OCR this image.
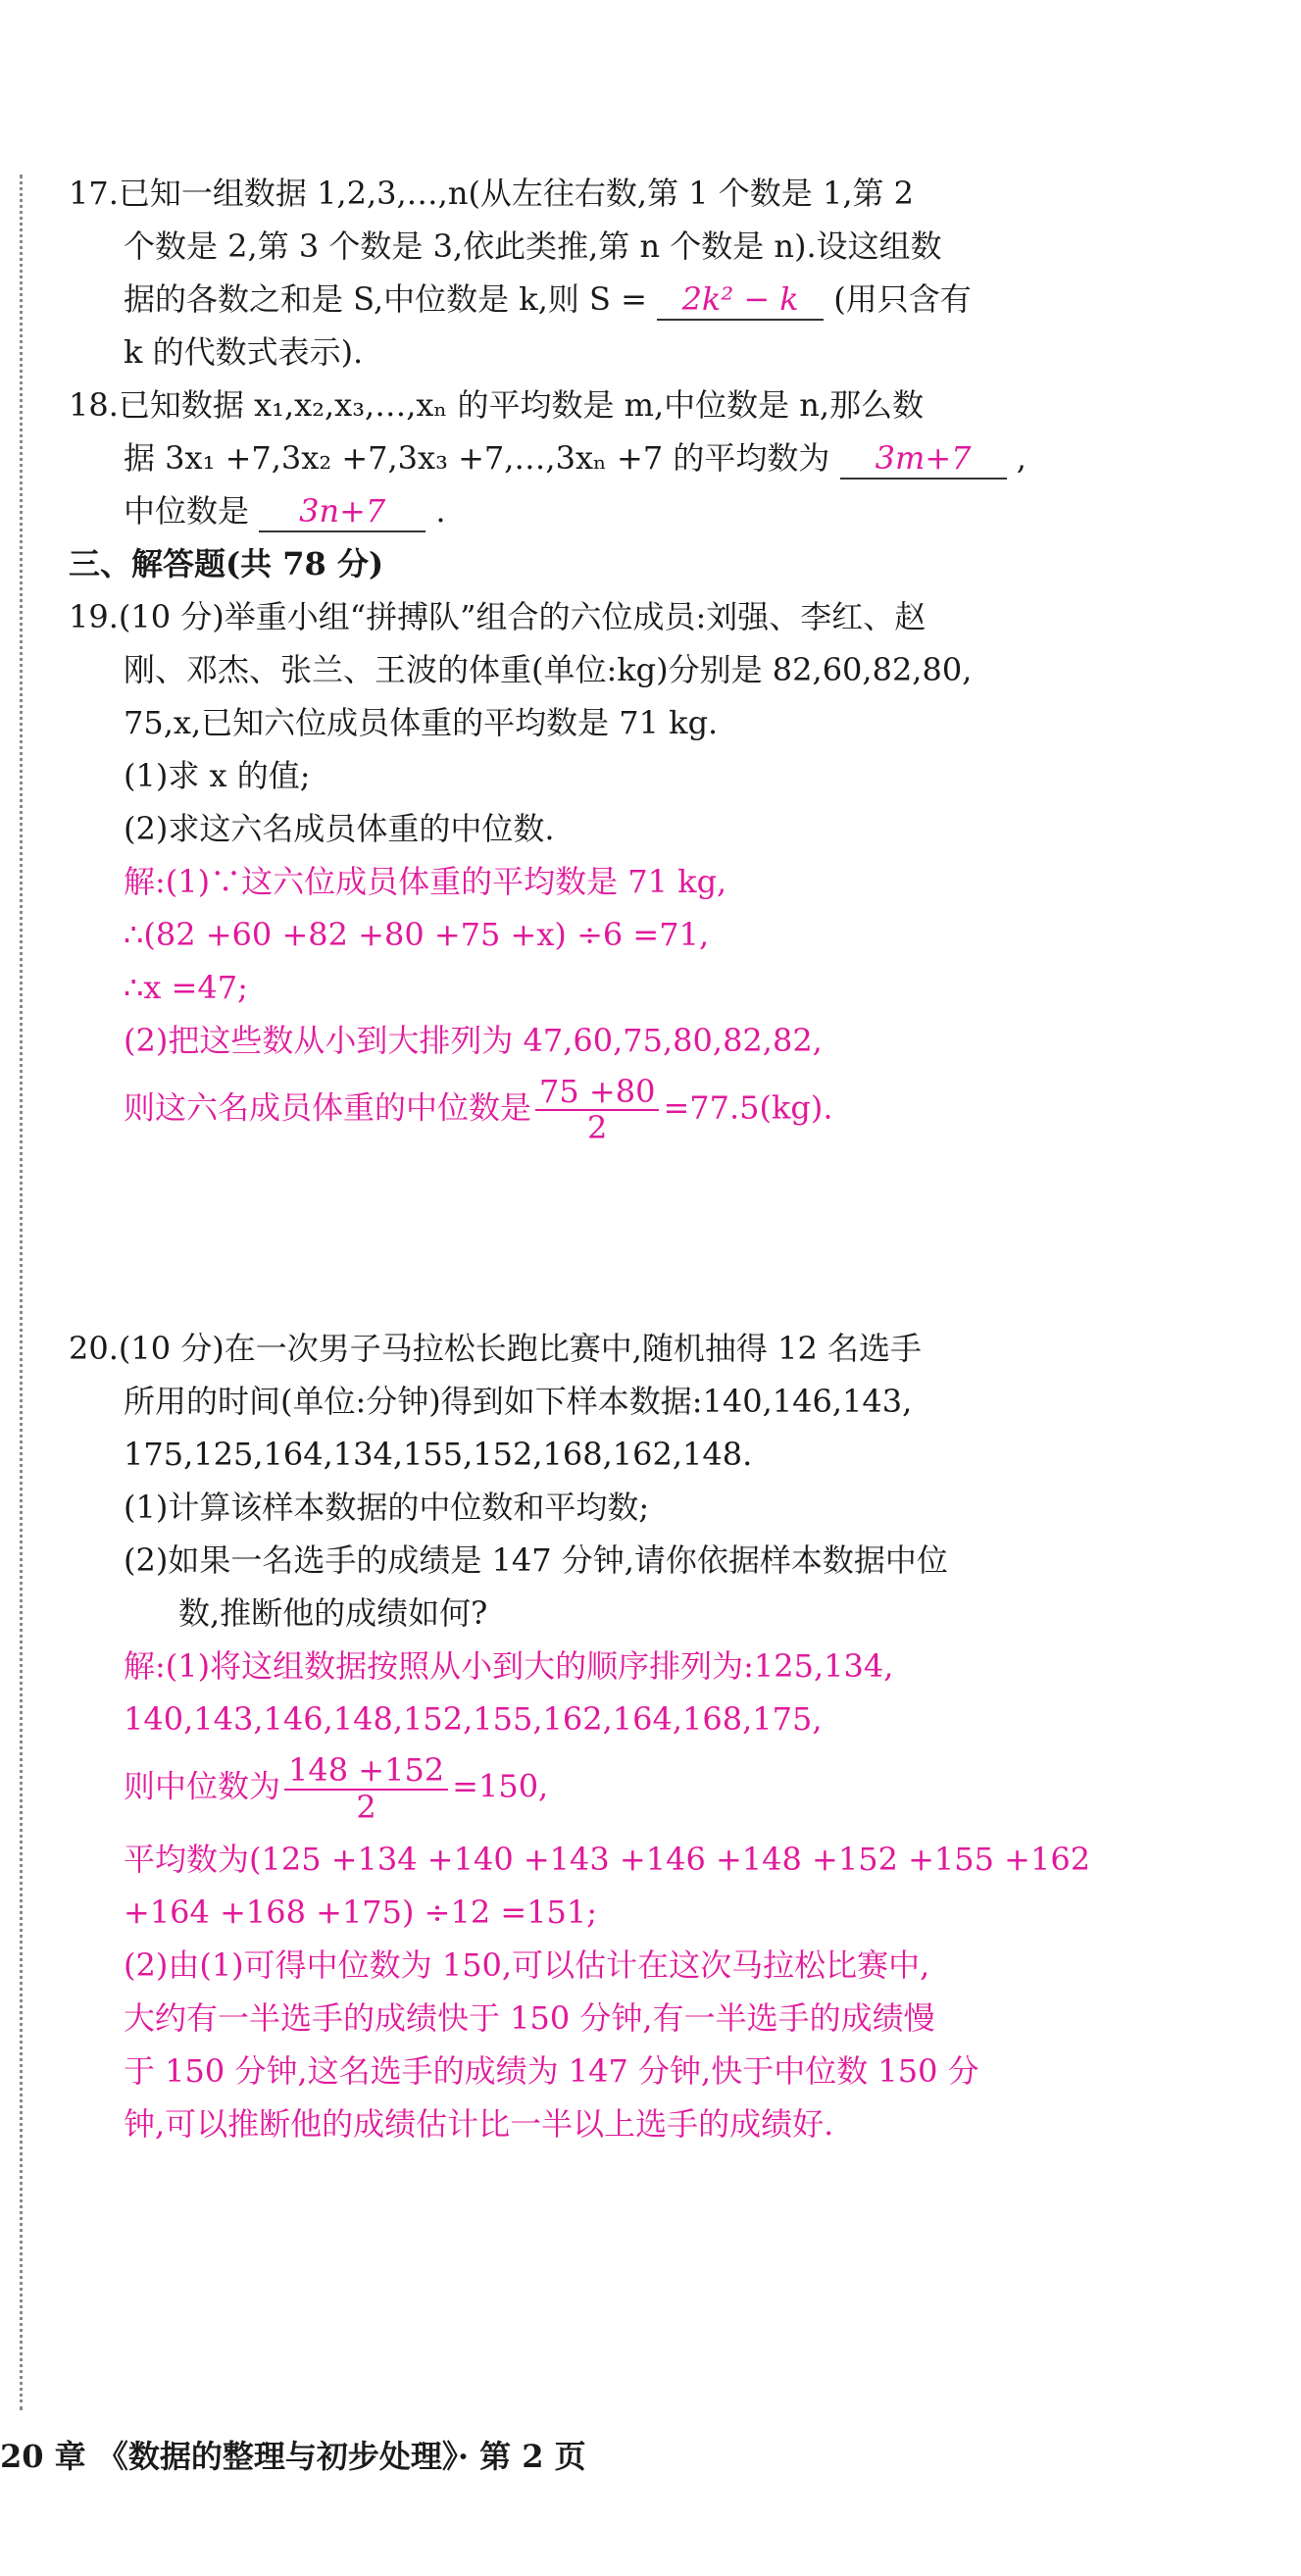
17.已知一组数据 1,2,3,…,n(从左往右数,第 1 个数是 1,第 2
个数是 2,第 3 个数是 3,依此类推,第 n 个数是 n).设这组数
据的各数之和是 S,中位数是 k,则 S = 2k² − k (用只含有
k 的代数式表示).
18.已知数据 x₁,x₂,x₃,…,xₙ 的平均数是 m,中位数是 n,那么数
据 3x₁ +7,3x₂ +7,3x₃ +7,…,3xₙ +7 的平均数为 3m+7 ,
中位数是 3n+7 .
三、解答题(共 78 分)
19.(10 分)举重小组“拼搏队”组合的六位成员:刘强、李红、赵
刚、邓杰、张兰、王波的体重(单位:kg)分别是 82,60,82,80,
75,x,已知六位成员体重的平均数是 71 kg.
(1)求 x 的值;
(2)求这六名成员体重的中位数.
解:(1)∵这六位成员体重的平均数是 71 kg,
∴(82 +60 +82 +80 +75 +x) ÷6 =71,
∴x =47;
(2)把这些数从小到大排列为 47,60,75,80,82,82,
则这六名成员体重的中位数是 $\frac{75 +80}{2} =77.5(kg)$.
20.(10 分)在一次男子马拉松长跑比赛中,随机抽得 12 名选手
所用的时间(单位:分钟)得到如下样本数据:140,146,143,
175,125,164,134,155,152,168,162,148.
(1)计算该样本数据的中位数和平均数;
(2)如果一名选手的成绩是 147 分钟,请你依据样本数据中位
数,推断他的成绩如何?
解:(1)将这组数据按照从小到大的顺序排列为:125,134,
140,143,146,148,152,155,162,164,168,175,
则中位数为 $\frac{148 +152}{2} =150$,
平均数为(125 +134 +140 +143 +146 +148 +152 +155 +162
+164 +168 +175) ÷12 =151;
(2)由(1)可得中位数为 150,可以估计在这次马拉松比赛中,
大约有一半选手的成绩快于 150 分钟,有一半选手的成绩慢
于 150 分钟,这名选手的成绩为 147 分钟,快于中位数 150 分
钟,可以推断他的成绩估计比一半以上选手的成绩好.
20 章 《数据的整理与初步处理》· 第 2 页
